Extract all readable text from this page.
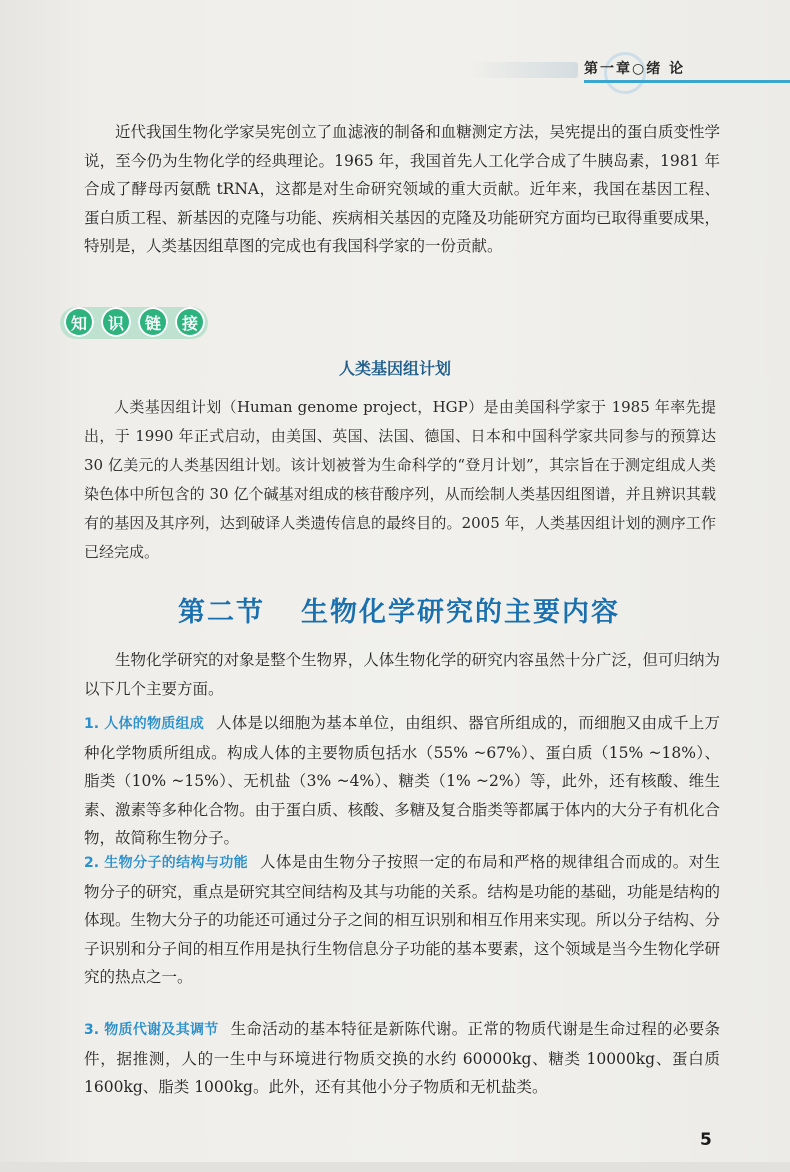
第一章○绪 论

近代我国生物化学家吴宪创立了血滤液的制备和血糖测定方法，吴宪提出的蛋白质变性学说，至今仍为生物化学的经典理论。1965 年，我国首先人工化学合成了牛胰岛素，1981 年合成了酵母丙氨酰 tRNA，这都是对生命研究领域的重大贡献。近年来，我国在基因工程、蛋白质工程、新基因的克隆与功能、疾病相关基因的克隆及功能研究方面均已取得重要成果，特别是，人类基因组草图的完成也有我国科学家的一份贡献。

知	识	链	接
人类基因组计划

人类基因组计划（Human genome project，HGP）是由美国科学家于 1985 年率先提出，于 1990 年正式启动，由美国、英国、法国、德国、日本和中国科学家共同参与的预算达 30 亿美元的人类基因组计划。该计划被誉为生命科学的“登月计划”，其宗旨在于测定组成人类染色体中所包含的 30 亿个碱基对组成的核苷酸序列，从而绘制人类基因组图谱，并且辨识其载有的基因及其序列，达到破译人类遗传信息的最终目的。2005 年，人类基因组计划的测序工作已经完成。

第二节 生物化学研究的主要内容

生物化学研究的对象是整个生物界，人体生物化学的研究内容虽然十分广泛，但可归纳为以下几个主要方面。

1. 人体的物质组成 人体是以细胞为基本单位，由组织、器官所组成的，而细胞又由成千上万种化学物质所组成。构成人体的主要物质包括水（55% ~67%）、蛋白质（15% ~18%）、脂类（10% ~15%）、无机盐（3% ~4%）、糖类（1% ~2%）等，此外，还有核酸、维生素、激素等多种化合物。由于蛋白质、核酸、多糖及复合脂类等都属于体内的大分子有机化合物，故简称生物分子。

2. 生物分子的结构与功能 人体是由生物分子按照一定的布局和严格的规律组合而成的。对生物分子的研究，重点是研究其空间结构及其与功能的关系。结构是功能的基础，功能是结构的体现。生物大分子的功能还可通过分子之间的相互识别和相互作用来实现。所以分子结构、分子识别和分子间的相互作用是执行生物信息分子功能的基本要素，这个领域是当今生物化学研究的热点之一。

3. 物质代谢及其调节 生命活动的基本特征是新陈代谢。正常的物质代谢是生命过程的必要条件，据推测，人的一生中与环境进行物质交换的水约 60000kg、糖类 10000kg、蛋白质 1600kg、脂类 1000kg。此外，还有其他小分子物质和无机盐类。

5
